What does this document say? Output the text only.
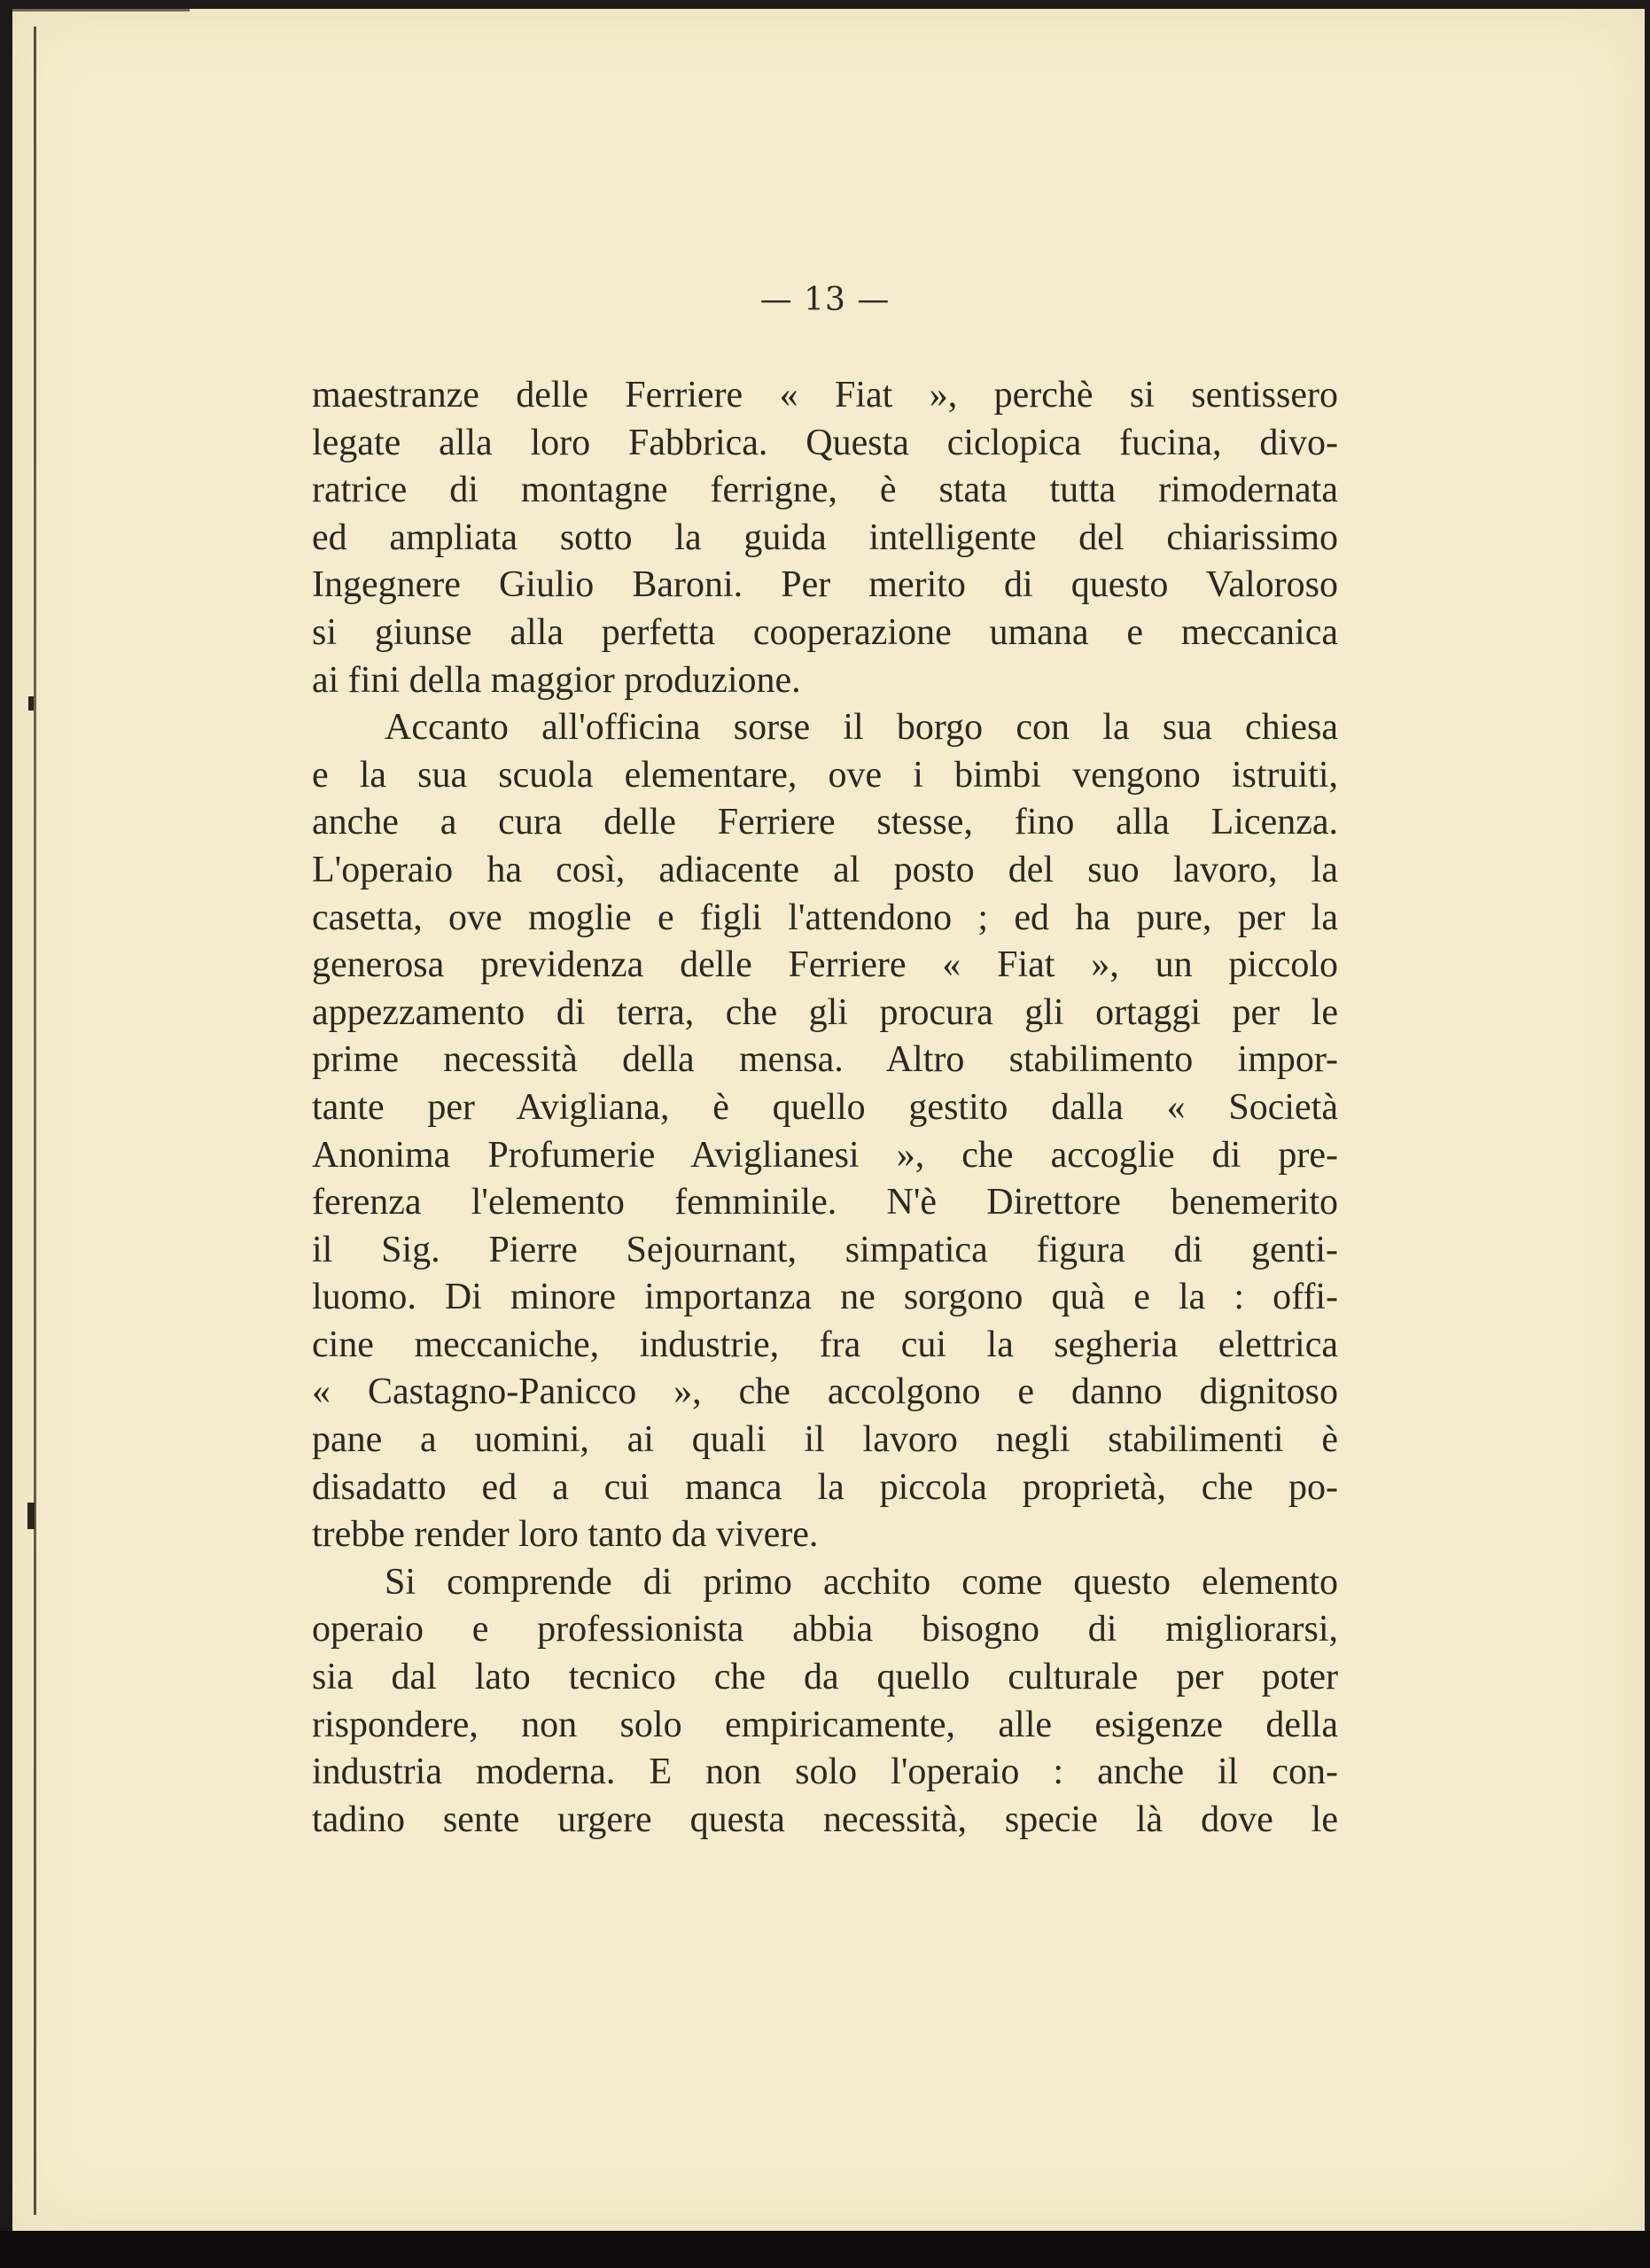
— 13 —
maestranze delle Ferriere « Fiat », perchè si sentissero
legate alla loro Fabbrica. Questa ciclopica fucina, divo-
ratrice di montagne ferrigne, è stata tutta rimodernata
ed ampliata sotto la guida intelligente del chiarissimo
Ingegnere Giulio Baroni. Per merito di questo Valoroso
si giunse alla perfetta cooperazione umana e meccanica
ai fini della maggior produzione.
Accanto all'officina sorse il borgo con la sua chiesa
e la sua scuola elementare, ove i bimbi vengono istruiti,
anche a cura delle Ferriere stesse, fino alla Licenza.
L'operaio ha così, adiacente al posto del suo lavoro, la
casetta, ove moglie e figli l'attendono ; ed ha pure, per la
generosa previdenza delle Ferriere « Fiat », un piccolo
appezzamento di terra, che gli procura gli ortaggi per le
prime necessità della mensa. Altro stabilimento impor-
tante per Avigliana, è quello gestito dalla « Società
Anonima Profumerie Aviglianesi », che accoglie di pre-
ferenza l'elemento femminile. N'è Direttore benemerito
il Sig. Pierre Sejournant, simpatica figura di genti-
luomo. Di minore importanza ne sorgono quà e la : offi-
cine meccaniche, industrie, fra cui la segheria elettrica
« Castagno-Panicco », che accolgono e danno dignitoso
pane a uomini, ai quali il lavoro negli stabilimenti è
disadatto ed a cui manca la piccola proprietà, che po-
trebbe render loro tanto da vivere.
Si comprende di primo acchito come questo elemento
operaio e professionista abbia bisogno di migliorarsi,
sia dal lato tecnico che da quello culturale per poter
rispondere, non solo empiricamente, alle esigenze della
industria moderna. E non solo l'operaio : anche il con-
tadino sente urgere questa necessità, specie là dove le
